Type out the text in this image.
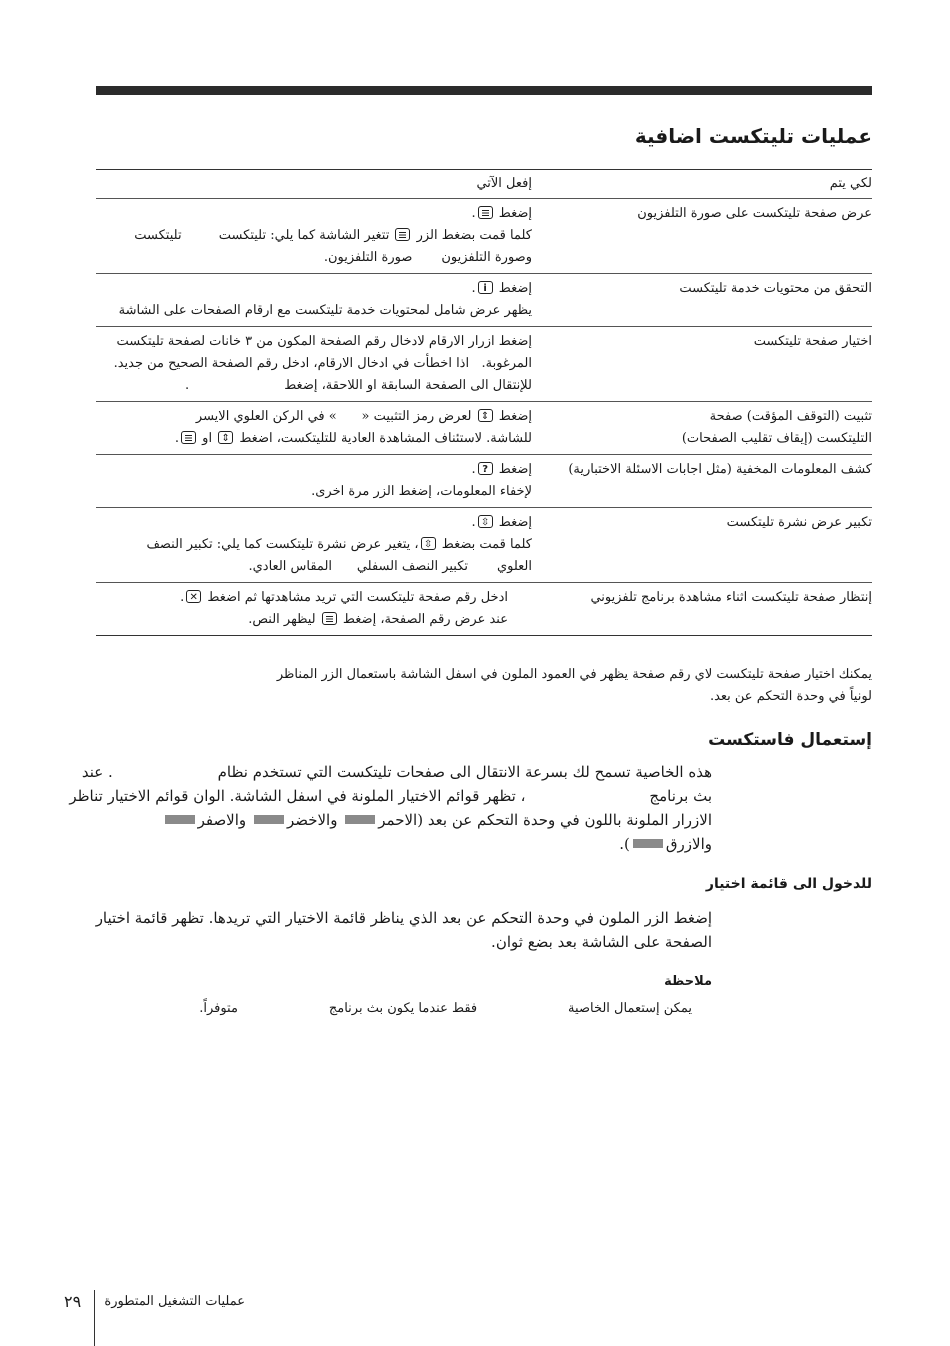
عمليات تليتكست اضافية
لكي يتم
إفعل الآتي
عرض صفحة تليتكست على صورة التلفزيون
إضغط .
كلما قمت بضغط الزر  تتغير الشاشة كما يلي: تليتكست         تليتكست
وصورة التلفزيون       صورة التلفزيون.
التحقق من محتويات خدمة تليتكست
إضغط i.
يظهر عرض شامل لمحتويات خدمة تليتكست مع ارقام الصفحات على الشاشة
اختيار صفحة تليتكست
إضغط ازرار الارقام لادخال رقم الصفحة المكون من ٣ خانات لصفحة تليتكست
المرغوبة.   اذا اخطأت في ادخال الارقام، ادخل رقم الصفحة الصحيح من جديد.
للإنتقال الى الصفحة السابقة او اللاحقة، إضغط                       .
تثبيت (التوقف المؤقت) صفحة
التليتكست (إيقاف تقليب الصفحات)
إضغط ⇕ لعرض رمز التثبيت «      » في الركن العلوي الايسر
للشاشة. لاستئناف المشاهدة العادية للتليتكست، اضغط ⇕ او .
كشف المعلومات المخفية (مثل اجابات الاسئلة الاختبارية)
إضغط ?.
لإخفاء المعلومات، إضغط الزر مرة اخرى.
تكبير عرض نشرة تليتكست
إضغط ⇳.
كلما قمت بضغط ⇳، يتغير عرض نشرة تليتكست كما يلي: تكبير النصف
العلوي       تكبير النصف السفلي      المقاس العادي.
إنتظار صفحة تليتكست اثناء مشاهدة برنامج تلفزيوني
ادخل رقم صفحة تليتكست التي تريد مشاهدتها ثم اضغط ✕.
عند عرض رقم الصفحة، إضغط  ليظهر النص.

يمكنك اختيار صفحة تليتكست لاي رقم صفحة يظهر في العمود الملون في اسفل الشاشة باستعمال الزر المناظر
لونياً في وحدة التحكم عن بعد.

إستعمال فاستكست
هذه الخاصية تسمح لك بسرعة الانتقال الى صفحات تليتكست التي تستخدم نظام                      . عند
بث برنامج                          ، تظهر قوائم الاختيار الملونة في اسفل الشاشة. الوان قوائم الاختيار تناظر
الازرار الملونة باللون في وحدة التحكم عن بعد (الاحمر والاخضر والاصفر
والازرق).
للدخول الى قائمة اختيار
إضغط الزر الملون في وحدة التحكم عن بعد الذي يناظر قائمة الاختيار التي تريدها. تظهر قائمة اختيار
الصفحة على الشاشة بعد بضع ثوان.
ملاحظة

يمكن إستعمال الخاصية                      فقط عندما يكون بث برنامج                      متوفراً.

عمليات التشغيل المتطورة

٢٩
